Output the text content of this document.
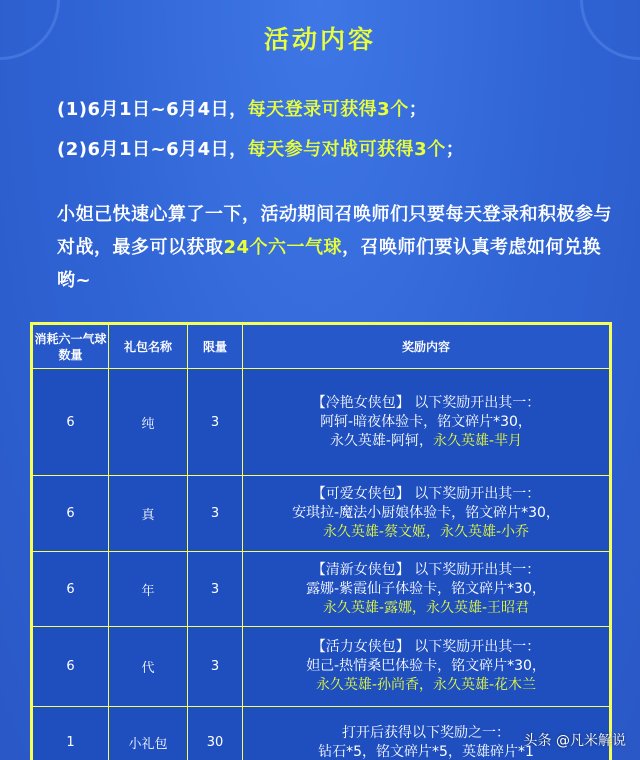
活动内容
(1)6月1日~6月4日，每天登录可获得3个；
(2)6月1日~6月4日，每天参与对战可获得3个；
小妲己快速心算了一下，活动期间召唤师们只要每天登录和积极参与对战，最多可以获取24个六一气球，召唤师们要认真考虑如何兑换哟~
消耗六一气球数量	礼包名称	限量	奖励内容
6	纯	3	【冷艳女侠包】 以下奖励开出其一：
阿轲-暗夜体验卡，铭文碎片*30，
永久英雄-阿轲，永久英雄-芈月

6	真	3	【可爱女侠包】 以下奖励开出其一：
安琪拉-魔法小厨娘体验卡，铭文碎片*30，
永久英雄-蔡文姬，永久英雄-小乔

6	年	3	【清新女侠包】 以下奖励开出其一：
露娜-紫霞仙子体验卡，铭文碎片*30，
永久英雄-露娜，永久英雄-王昭君

6	代	3	【活力女侠包】 以下奖励开出其一：
妲己-热情桑巴体验卡，铭文碎片*30，
永久英雄-孙尚香，永久英雄-花木兰

1	小礼包	30	打开后获得以下奖励之一：
钻石*5，铭文碎片*5，英雄碎片*1
头条 @凡米解说
